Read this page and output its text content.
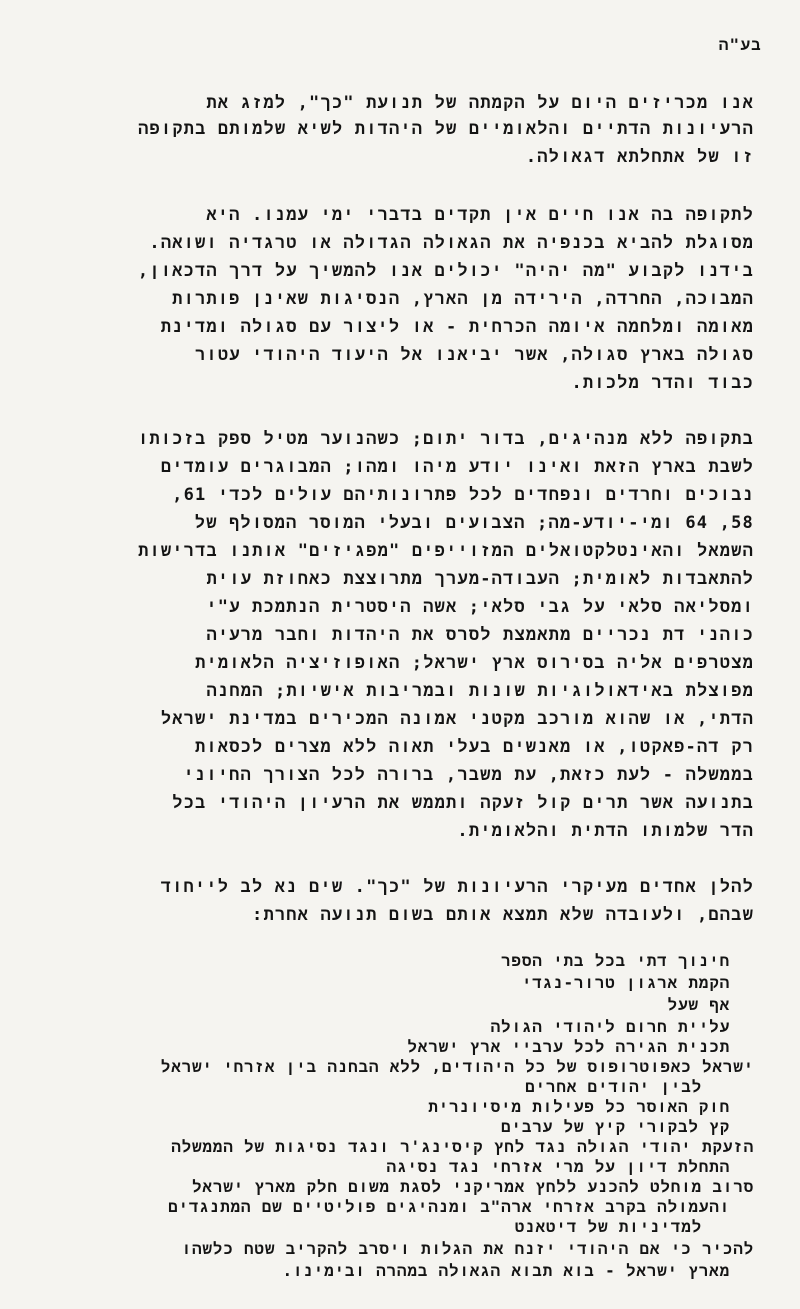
בע"ה
אנו מכריזים היום על הקמתה של תנועת "כך", למזג את
הרעיונות הדתיים והלאומיים של היהדות לשיא שלמותם בתקופה
זו של אתחלתא דגאולה.
לתקופה בה אנו חיים אין תקדים בדברי ימי עמנו. היא
מסוגלת להביא בכנפיה את הגאולה הגדולה או טרגדיה ושואה.
בידנו לקבוע "מה יהיה" יכולים אנו להמשיך על דרך הדכאון,
המבוכה, החרדה, הירידה מן הארץ, הנסיגות שאינן פותרות
מאומה ומלחמה איומה הכרחית - או ליצור עם סגולה ומדינת
סגולה בארץ סגולה, אשר יביאנו אל היעוד היהודי עטור
כבוד והדר מלכות.
בתקופה ללא מנהיגים, בדור יתום; כשהנוער מטיל ספק בזכותו
לשבת בארץ הזאת ואינו יודע מיהו ומהו; המבוגרים עומדים
נבוכים וחרדים ונפחדים לכל פתרונותיהם עולים לכדי 61,
58, 64 ומי-יודע-מה; הצבועים ובעלי המוסר המסולף של
השמאל והאינטלקטואלים המזוייפים "מפגיזים" אותנו בדרישות
להתאבדות לאומית; העבודה-מערך מתרוצצת כאחוזת עוית
ומסליאה סלאי על גבי סלאי; אשה היסטרית הנתמכת ע"י
כוהני דת נכריים מתאמצת לסרס את היהדות וחבר מרעיה
מצטרפים אליה בסירוס ארץ ישראל; האופוזיציה הלאומית
מפוצלת באידאולוגיות שונות ובמריבות אישיות; המחנה
הדתי, או שהוא מורכב מקטני אמונה המכירים במדינת ישראל
רק דה-פאקטו, או מאנשים בעלי תאוה ללא מצרים לכסאות
בממשלה - לעת כזאת, עת משבר, ברורה לכל הצורך החיוני
בתנועה אשר תרים קול זעקה ותממש את הרעיון היהודי בכל
הדר שלמותו הדתית והלאומית.
להלן אחדים מעיקרי הרעיונות של "כך". שים נא לב לייחוד
שבהם, ולעובדה שלא תמצא אותם בשום תנועה אחרת:
חינוך דתי בכל בתי הספר
הקמת ארגון טרור-נגדי
אף שעל
עליית חרום ליהודי הגולה
תכנית הגירה לכל ערביי ארץ ישראל
ישראל כאפוטרופוס של כל היהודים, ללא הבחנה בין אזרחי ישראל
לבין יהודים אחרים
חוק האוסר כל פעילות מיסיונרית
קץ לבקורי קיץ של ערבים
הזעקת יהודי הגולה נגד לחץ קיסינג'ר ונגד נסיגות של הממשלה
התחלת דיון על מרי אזרחי נגד נסיגה
סרוב מוחלט להכנע ללחץ אמריקני לסגת משום חלק מארץ ישראל
והעמולה בקרב אזרחי ארה"ב ומנהיגים פוליטיים שם המתנגדים
למדיניות של דיטאנט
להכיר כי אם היהודי יזנח את הגלות ויסרב להקריב שטח כלשהו
מארץ ישראל - בוא תבוא הגאולה במהרה ובימינו.
